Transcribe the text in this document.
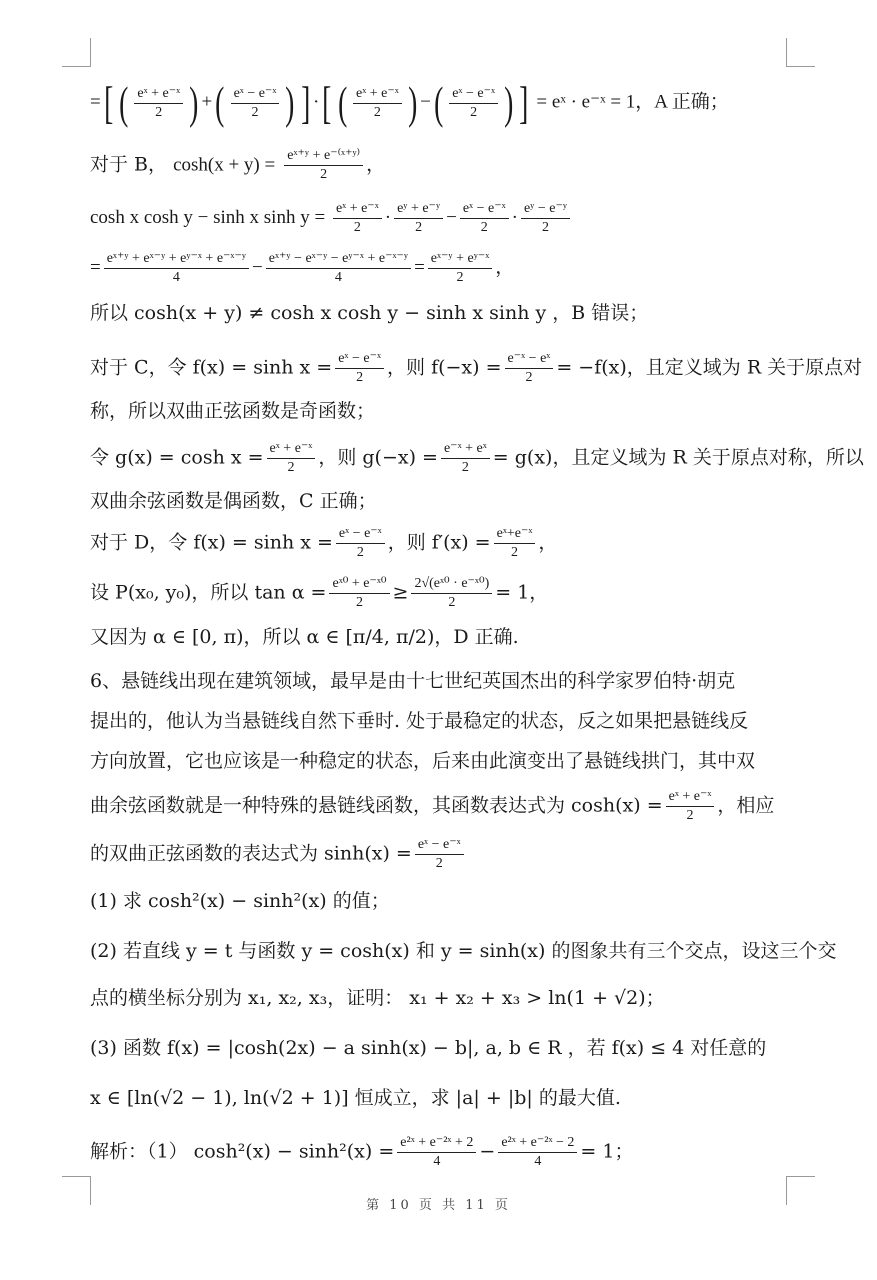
=[ ( $\frac{\text{eˣ + e⁻ˣ}}{2}$ ) +( $\frac{\text{eˣ − e⁻ˣ}}{2}$ ) ] ·[ ( $\frac{\text{eˣ + e⁻ˣ}}{2}$ ) −( $\frac{\text{eˣ − e⁻ˣ}}{2}$ ) ] = eˣ · e⁻ˣ = 1，A 正确；
对于 B， $\cosh(x + y) = \frac{\text{eˣ⁺ʸ + e⁻⁽ˣ⁺ʸ⁾}}{2}$ ，
cosh x cosh y − sinh x $\sinh y = \frac{\text{eˣ + e⁻ˣ}}{2} \cdot \frac{\text{eʸ + e⁻ʸ}}{2} - \frac{\text{eˣ − e⁻ˣ}}{2} \cdot \frac{\text{eʸ − e⁻ʸ}}{2}$
= $\frac{\text{eˣ⁺ʸ + eˣ⁻ʸ + eʸ⁻ˣ + e⁻ˣ⁻ʸ}}{4} - \frac{\text{eˣ⁺ʸ − eˣ⁻ʸ − eʸ⁻ˣ + e⁻ˣ⁻ʸ}}{4} = \frac{\text{eˣ⁻ʸ + eʸ⁻ˣ}}{2}$ ，
所以 cosh(x + y) ≠ cosh x cosh y − sinh x sinh y ，B 错误；
对于 C，令 $f(x) = \sinh x = \frac{\text{eˣ − e⁻ˣ}}{2}$ ，则 $f(-x) = \frac{\text{e⁻ˣ − eˣ}}{2} = -f(x)$，且定义域为 R 关于原点对
称，所以双曲正弦函数是奇函数；
令 $g(x) = \cosh x = \frac{\text{eˣ + e⁻ˣ}}{2}$ ，则 $g(-x) = \frac{\text{e⁻ˣ + eˣ}}{2} = g(x)$，且定义域为 R 关于原点对称，所以
双曲余弦函数是偶函数，C 正确；
对于 D，令 $f(x) = \sinh x = \frac{\text{eˣ − e⁻ˣ}}{2}$ ，则 $f'(x) = \frac{\text{eˣ+e⁻ˣ}}{2}$ ，
设 P(x₀, y₀)，所以 $\tan \alpha = \frac{\text{eˣ⁰ + e⁻ˣ⁰}}{2} \ge \frac{\text{2√(eˣ⁰ · e⁻ˣ⁰)}}{2} = 1$，
又因为 α ∈ [0, π)，所以 α ∈ [π/4, π/2)，D 正确.
6、悬链线出现在建筑领域，最早是由十七世纪英国杰出的科学家罗伯特·胡克
提出的，他认为当悬链线自然下垂时. 处于最稳定的状态，反之如果把悬链线反
方向放置，它也应该是一种稳定的状态，后来由此演变出了悬链线拱门，其中双
曲余弦函数就是一种特殊的悬链线函数，其函数表达式为 $\cosh(x) = \frac{\text{eˣ + e⁻ˣ}}{2}$ ，相应
的双曲正弦函数的表达式为 $\sinh(x) = \frac{\text{eˣ − e⁻ˣ}}{2}$
(1) 求 cosh²(x) − sinh²(x) 的值；
(2) 若直线 y = t 与函数 y = cosh(x) 和 y = sinh(x) 的图象共有三个交点，设这三个交
点的横坐标分别为 x₁, x₂, x₃，证明： x₁ + x₂ + x₃ > ln(1 + √2)；
(3) 函数 f(x) = |cosh(2x) − a sinh(x) − b|, a, b ∈ R ，若 f(x) ≤ 4 对任意的
x ∈ [ln(√2 − 1), ln(√2 + 1)] 恒成立，求 |a| + |b| 的最大值.
解析：（1） $\cosh^2(x) - \sinh^2(x) = \frac{\text{e²ˣ + e⁻²ˣ + 2}}{4} - \frac{\text{e²ˣ + e⁻²ˣ − 2}}{4} = 1$；
第 10 页 共 11 页
